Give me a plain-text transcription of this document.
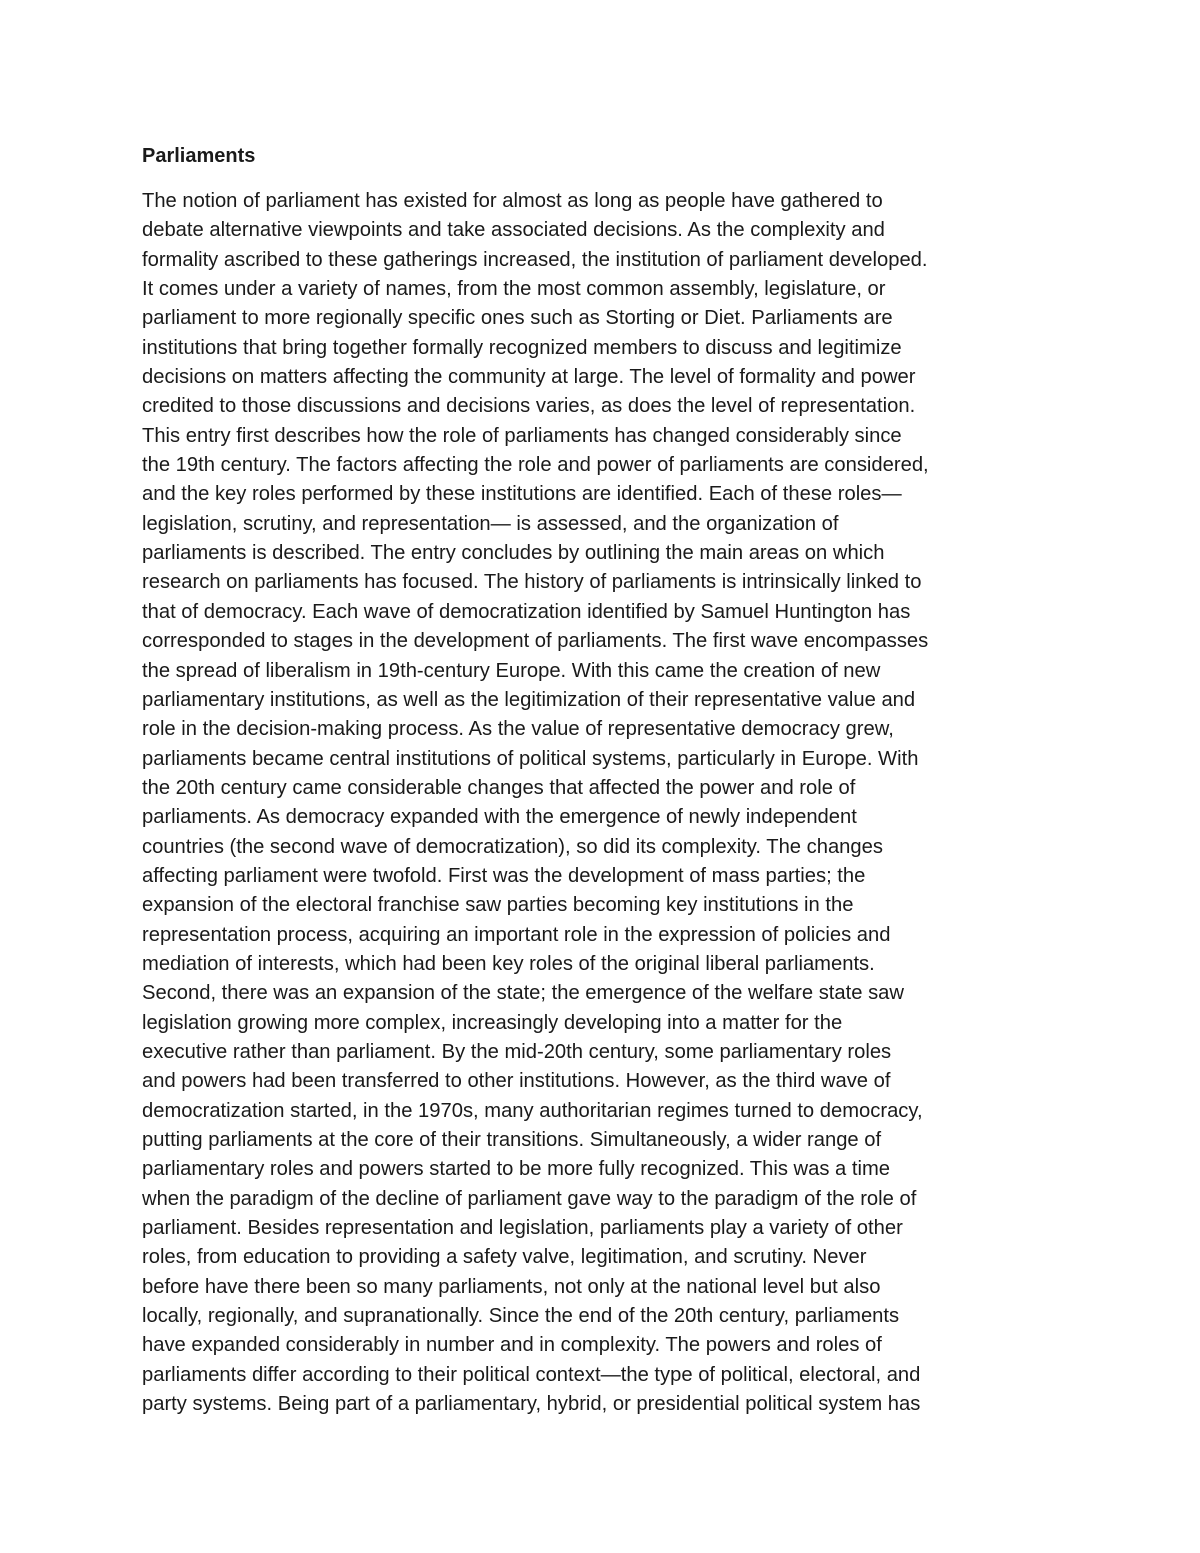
Parliaments
The notion of parliament has existed for almost as long as people have gathered to
debate alternative viewpoints and take associated decisions. As the complexity and
formality ascribed to these gatherings increased, the institution of parliament developed.
It comes under a variety of names, from the most common assembly, legislature, or
parliament to more regionally specific ones such as Storting or Diet. Parliaments are
institutions that bring together formally recognized members to discuss and legitimize
decisions on matters affecting the community at large. The level of formality and power
credited to those discussions and decisions varies, as does the level of representation.
This entry first describes how the role of parliaments has changed considerably since
the 19th century. The factors affecting the role and power of parliaments are considered,
and the key roles performed by these institutions are identified. Each of these roles—
legislation, scrutiny, and representation— is assessed, and the organization of
parliaments is described. The entry concludes by outlining the main areas on which
research on parliaments has focused. The history of parliaments is intrinsically linked to
that of democracy. Each wave of democratization identified by Samuel Huntington has
corresponded to stages in the development of parliaments. The first wave encompasses
the spread of liberalism in 19th-century Europe. With this came the creation of new
parliamentary institutions, as well as the legitimization of their representative value and
role in the decision-making process. As the value of representative democracy grew,
parliaments became central institutions of political systems, particularly in Europe. With
the 20th century came considerable changes that affected the power and role of
parliaments. As democracy expanded with the emergence of newly independent
countries (the second wave of democratization), so did its complexity. The changes
affecting parliament were twofold. First was the development of mass parties; the
expansion of the electoral franchise saw parties becoming key institutions in the
representation process, acquiring an important role in the expression of policies and
mediation of interests, which had been key roles of the original liberal parliaments.
Second, there was an expansion of the state; the emergence of the welfare state saw
legislation growing more complex, increasingly developing into a matter for the
executive rather than parliament. By the mid-20th century, some parliamentary roles
and powers had been transferred to other institutions. However, as the third wave of
democratization started, in the 1970s, many authoritarian regimes turned to democracy,
putting parliaments at the core of their transitions. Simultaneously, a wider range of
parliamentary roles and powers started to be more fully recognized. This was a time
when the paradigm of the decline of parliament gave way to the paradigm of the role of
parliament. Besides representation and legislation, parliaments play a variety of other
roles, from education to providing a safety valve, legitimation, and scrutiny. Never
before have there been so many parliaments, not only at the national level but also
locally, regionally, and supranationally. Since the end of the 20th century, parliaments
have expanded considerably in number and in complexity. The powers and roles of
parliaments differ according to their political context—the type of political, electoral, and
party systems. Being part of a parliamentary, hybrid, or presidential political system has
